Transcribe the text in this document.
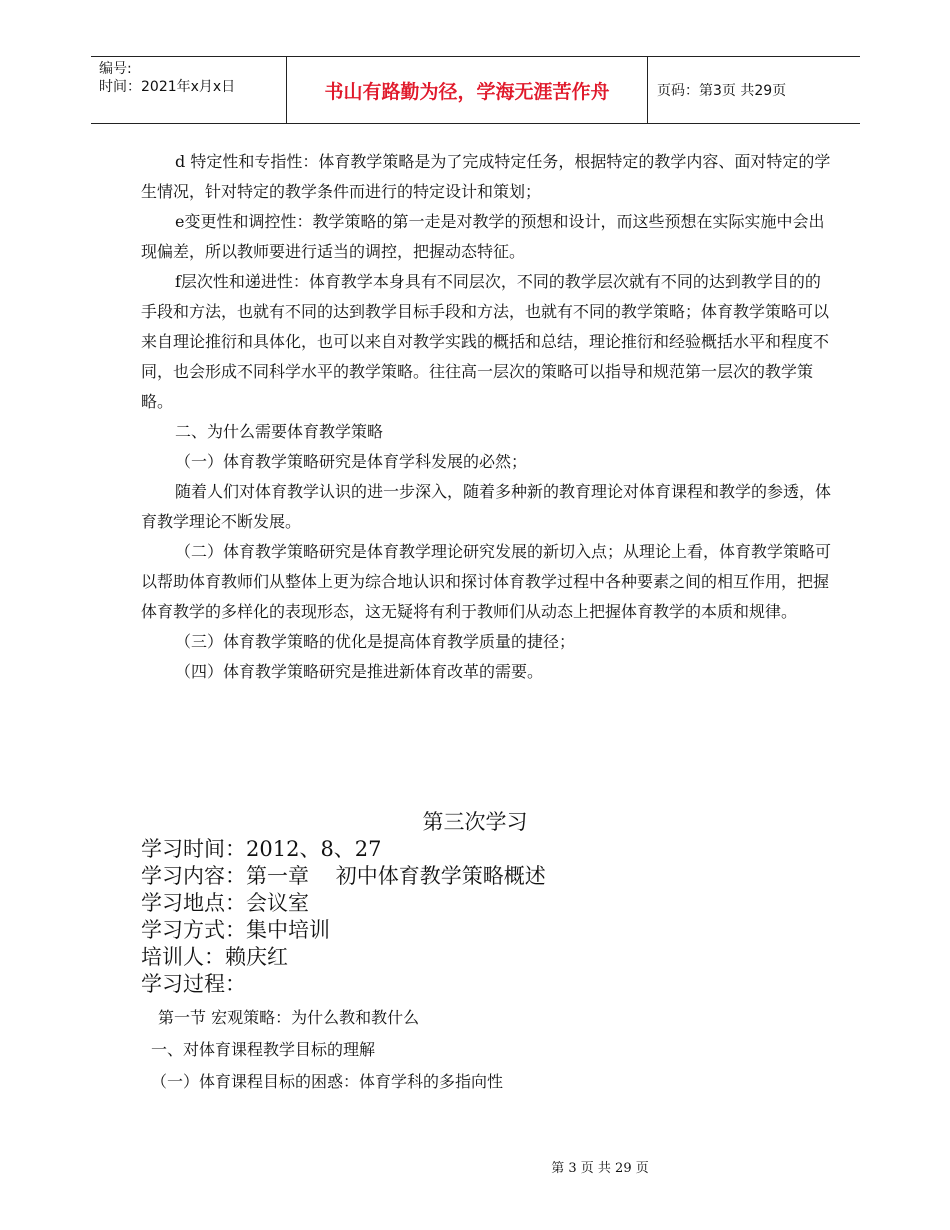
编号:
时间：2021年x月x日	书山有路勤为径，学海无涯苦作舟	页码：第3页 共29页

d 特定性和专指性：体育教学策略是为了完成特定任务，根据特定的教学内容、面对特定的学生情况，针对特定的教学条件而进行的特定设计和策划；

e变更性和调控性：教学策略的第一走是对教学的预想和设计，而这些预想在实际实施中会出现偏差，所以教师要进行适当的调控，把握动态特征。

f层次性和递进性：体育教学本身具有不同层次，不同的教学层次就有不同的达到教学目的的手段和方法，也就有不同的达到教学目标手段和方法，也就有不同的教学策略；体育教学策略可以来自理论推衍和具体化，也可以来自对教学实践的概括和总结，理论推衍和经验概括水平和程度不同，也会形成不同科学水平的教学策略。往往高一层次的策略可以指导和规范第一层次的教学策略。

二、为什么需要体育教学策略

（一）体育教学策略研究是体育学科发展的必然；

随着人们对体育教学认识的进一步深入，随着多种新的教育理论对体育课程和教学的参透，体育教学理论不断发展。

（二）体育教学策略研究是体育教学理论研究发展的新切入点；从理论上看，体育教学策略可以帮助体育教师们从整体上更为综合地认识和探讨体育教学过程中各种要素之间的相互作用，把握体育教学的多样化的表现形态，这无疑将有利于教师们从动态上把握体育教学的本质和规律。

（三）体育教学策略的优化是提高体育教学质量的捷径；

（四）体育教学策略研究是推进新体育改革的需要。

第三次学习
学习时间：2012、8、27
学习内容：第一章    初中体育教学策略概述
学习地点：会议室
学习方式：集中培训
培训人：赖庆红
学习过程：

第一节 宏观策略：为什么教和教什么

一、对体育课程教学目标的理解

（一）体育课程目标的困惑：体育学科的多指向性

第 3 页 共 29 页
